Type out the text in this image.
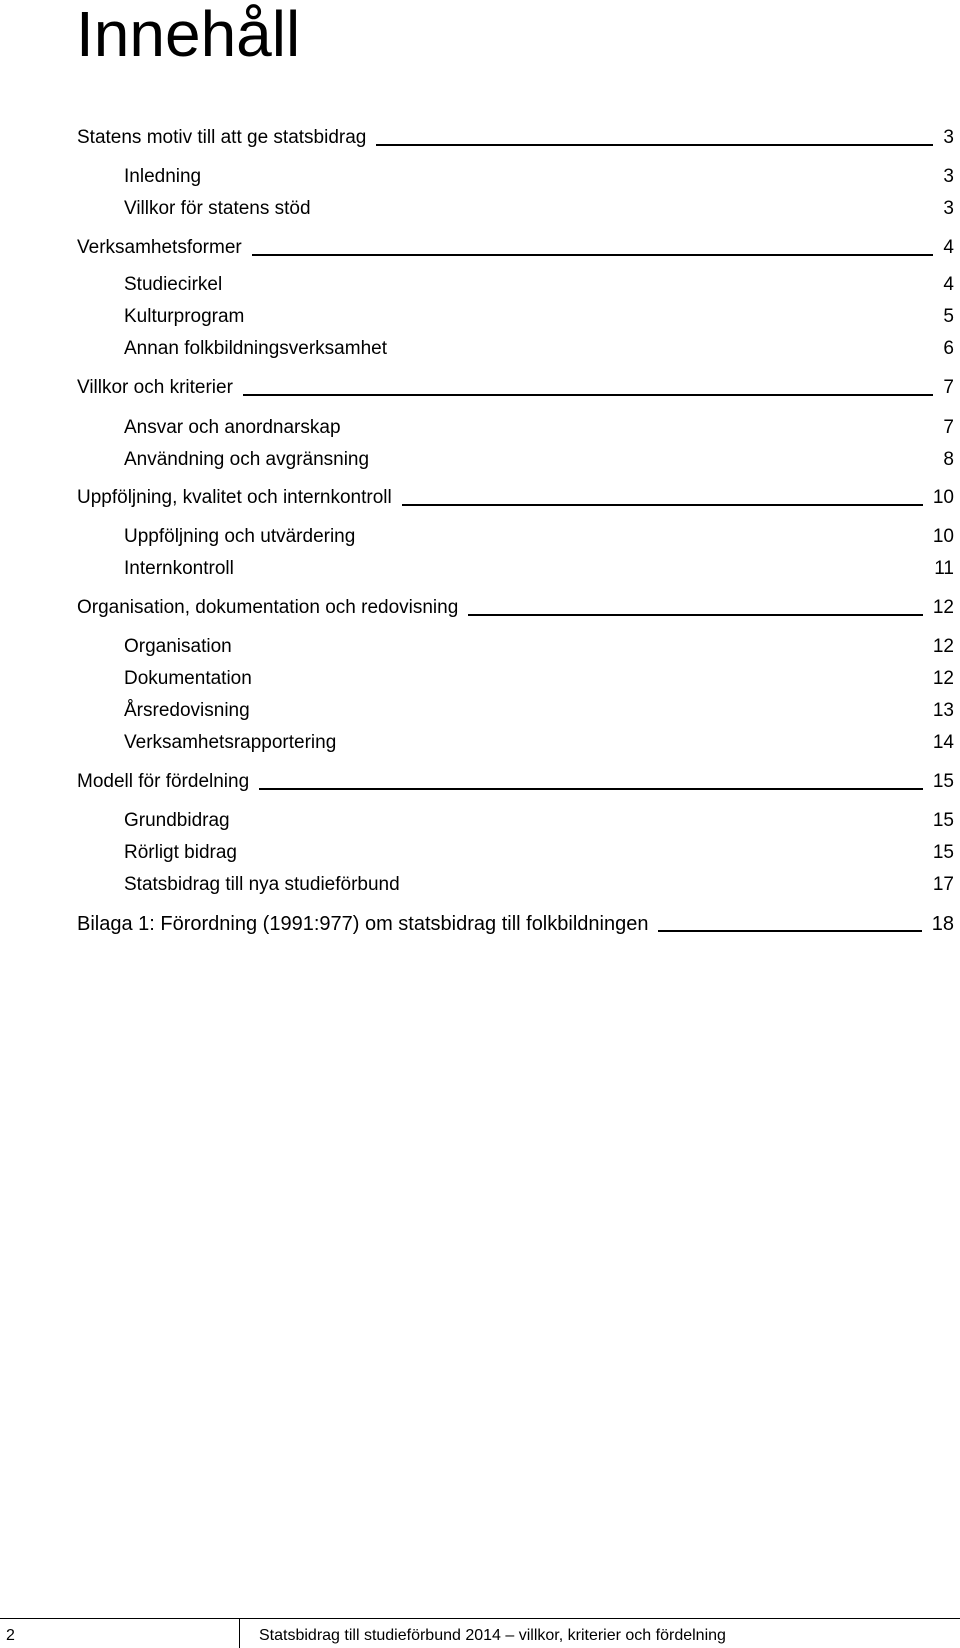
Innehåll
Statens motiv till att ge statsbidrag	3
Inledning	3
Villkor för statens stöd	3
Verksamhetsformer	4
Studiecirkel	4
Kulturprogram	5
Annan folkbildningsverksamhet	6
Villkor och kriterier	7
Ansvar och anordnarskap	7
Användning och avgränsning	8
Uppföljning, kvalitet och internkontroll	10
Uppföljning och utvärdering	10
Internkontroll	11
Organisation, dokumentation och redovisning	12
Organisation	12
Dokumentation	12
Årsredovisning	13
Verksamhetsrapportering	14
Modell för fördelning	15
Grundbidrag	15
Rörligt bidrag	15
Statsbidrag till nya studieförbund	17
Bilaga 1: Förordning (1991:977) om statsbidrag till folkbildningen	18
2	Statsbidrag till studieförbund 2014 – villkor, kriterier och fördelning
